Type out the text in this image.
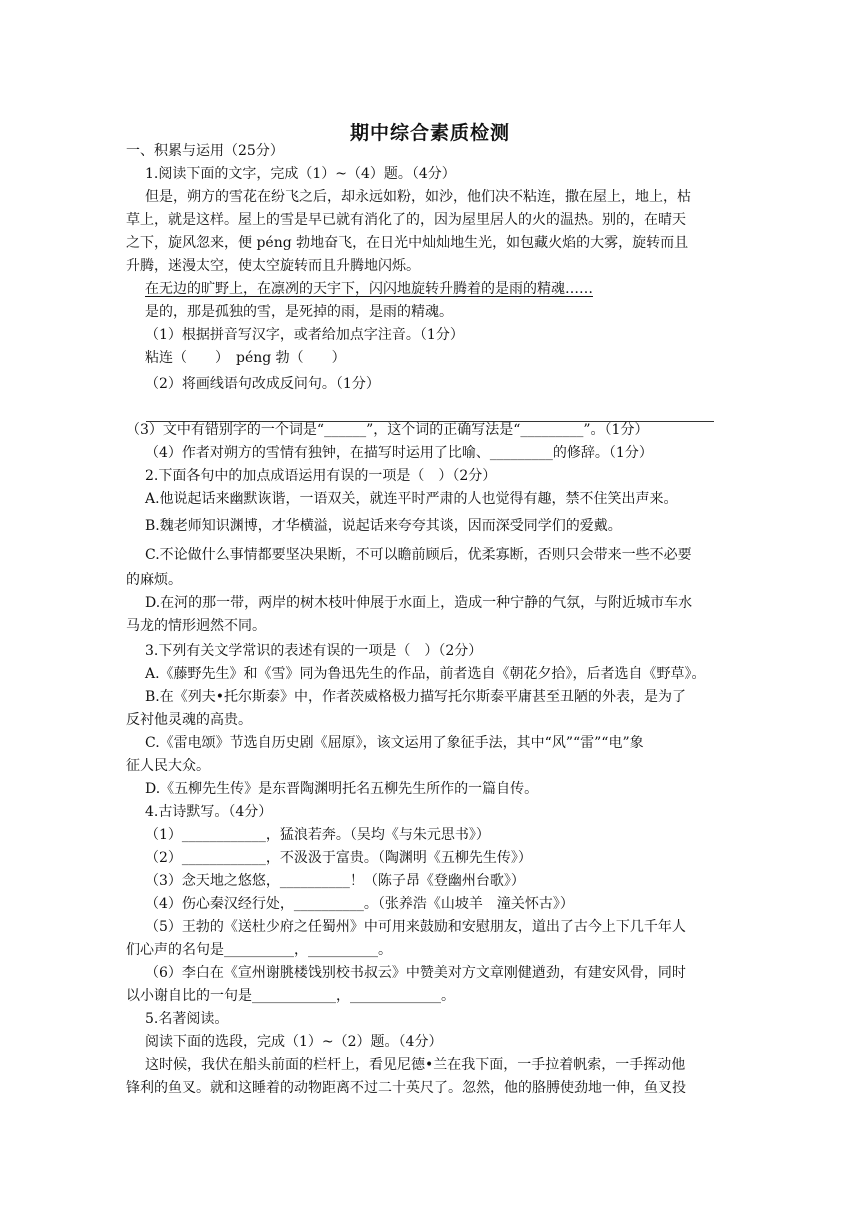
期中综合素质检测
一、积累与运用（25分）
1.阅读下面的文字，完成（1）~（4）题。（4分）
但是，朔方的雪花在纷飞之后，却永远如粉，如沙，他们决不粘连，撒在屋上，地上，枯
草上，就是这样。屋上的雪是早已就有消化了的，因为屋里居人的火的温热。别的，在晴天
之下，旋风忽来，便 péng 勃地奋飞，在日光中灿灿地生光，如包藏火焰的大雾，旋转而且
升腾，迷漫太空，使太空旋转而且升腾地闪烁。
在无边的旷野上，在凛冽的天宇下，闪闪地旋转升腾着的是雨的精魂……
是的，那是孤独的雪，是死掉的雨，是雨的精魂。
（1）根据拼音写汉字，或者给加点字注音。（1分）
粘连（　　）　péng 勃（　　）
（2）将画线语句改成反问句。（1分）
（3）文中有错别字的一个词是“______”，这个词的正确写法是“_________”。（1分）
（4）作者对朔方的雪情有独钟，在描写时运用了比喻、_________的修辞。（1分）
2.下面各句中的加点成语运用有误的一项是（　）（2分）
A.他说起话来幽默诙谐，一语双关，就连平时严肃的人也觉得有趣，禁不住笑出声来。
B.魏老师知识渊博，才华横溢，说起话来夸夸其谈，因而深受同学们的爱戴。
C.不论做什么事情都要坚决果断，不可以瞻前顾后，优柔寡断，否则只会带来一些不必要
的麻烦。
D.在河的那一带，两岸的树木枝叶伸展于水面上，造成一种宁静的气氛，与附近城市车水
马龙的情形迥然不同。
3.下列有关文学常识的表述有误的一项是（　）（2分）
A.《藤野先生》和《雪》同为鲁迅先生的作品，前者选自《朝花夕拾》，后者选自《野草》。
B.在《列夫•托尔斯泰》中，作者茨威格极力描写托尔斯泰平庸甚至丑陋的外表，是为了
反衬他灵魂的高贵。
C.《雷电颂》节选自历史剧《屈原》，该文运用了象征手法，其中“风”“雷”“电”象
征人民大众。
D.《五柳先生传》是东晋陶渊明托名五柳先生所作的一篇自传。
4.古诗默写。（4分）
（1）____________，猛浪若奔。（吴均《与朱元思书》）
（2）____________，不汲汲于富贵。（陶渊明《五柳先生传》）
（3）念天地之悠悠，__________！（陈子昂《登幽州台歌》）
（4）伤心秦汉经行处，__________。（张养浩《山坡羊　潼关怀古》）
（5）王勃的《送杜少府之任蜀州》中可用来鼓励和安慰朋友，道出了古今上下几千年人
们心声的名句是__________，__________。
（6）李白在《宣州谢朓楼饯别校书叔云》中赞美对方文章刚健遒劲，有建安风骨，同时
以小谢自比的一句是____________，_____________。
5.名著阅读。
阅读下面的选段，完成（1）~（2）题。（4分）
这时候，我伏在船头前面的栏杆上，看见尼德•兰在我下面，一手拉着帆索，一手挥动他
锋利的鱼叉。就和这睡着的动物距离不过二十英尺了。忽然，他的胳膊使劲地一伸，鱼叉投
